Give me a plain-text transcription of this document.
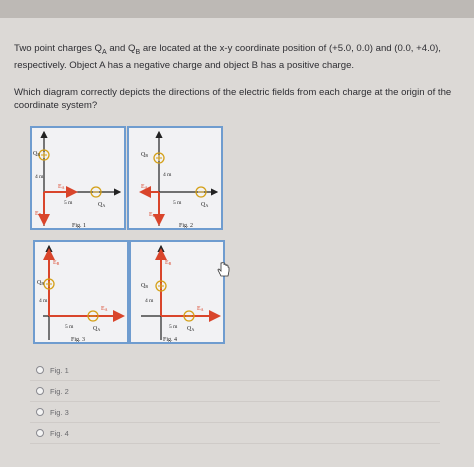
Two point charges $Q_A$ and $Q_B$ are located at the x-y coordinate position of (+5.0, 0.0) and (0.0, +4.0), respectively. Object A has a negative charge and object B has a positive charge.

Which diagram correctly depicts the directions of the electric fields from each charge at the origin of the coordinate system?

QB
QA
4 m
5 m
EA
EB
Fig. 1
QB
QA
4 m
5 m
EA
EB
Fig. 2
QB
QA
4 m
5 m
EA
EB
Fig. 3
QB
QA
4 m
5 m
EA
EB
Fig. 4
Fig. 1
Fig. 2
Fig. 3
Fig. 4
